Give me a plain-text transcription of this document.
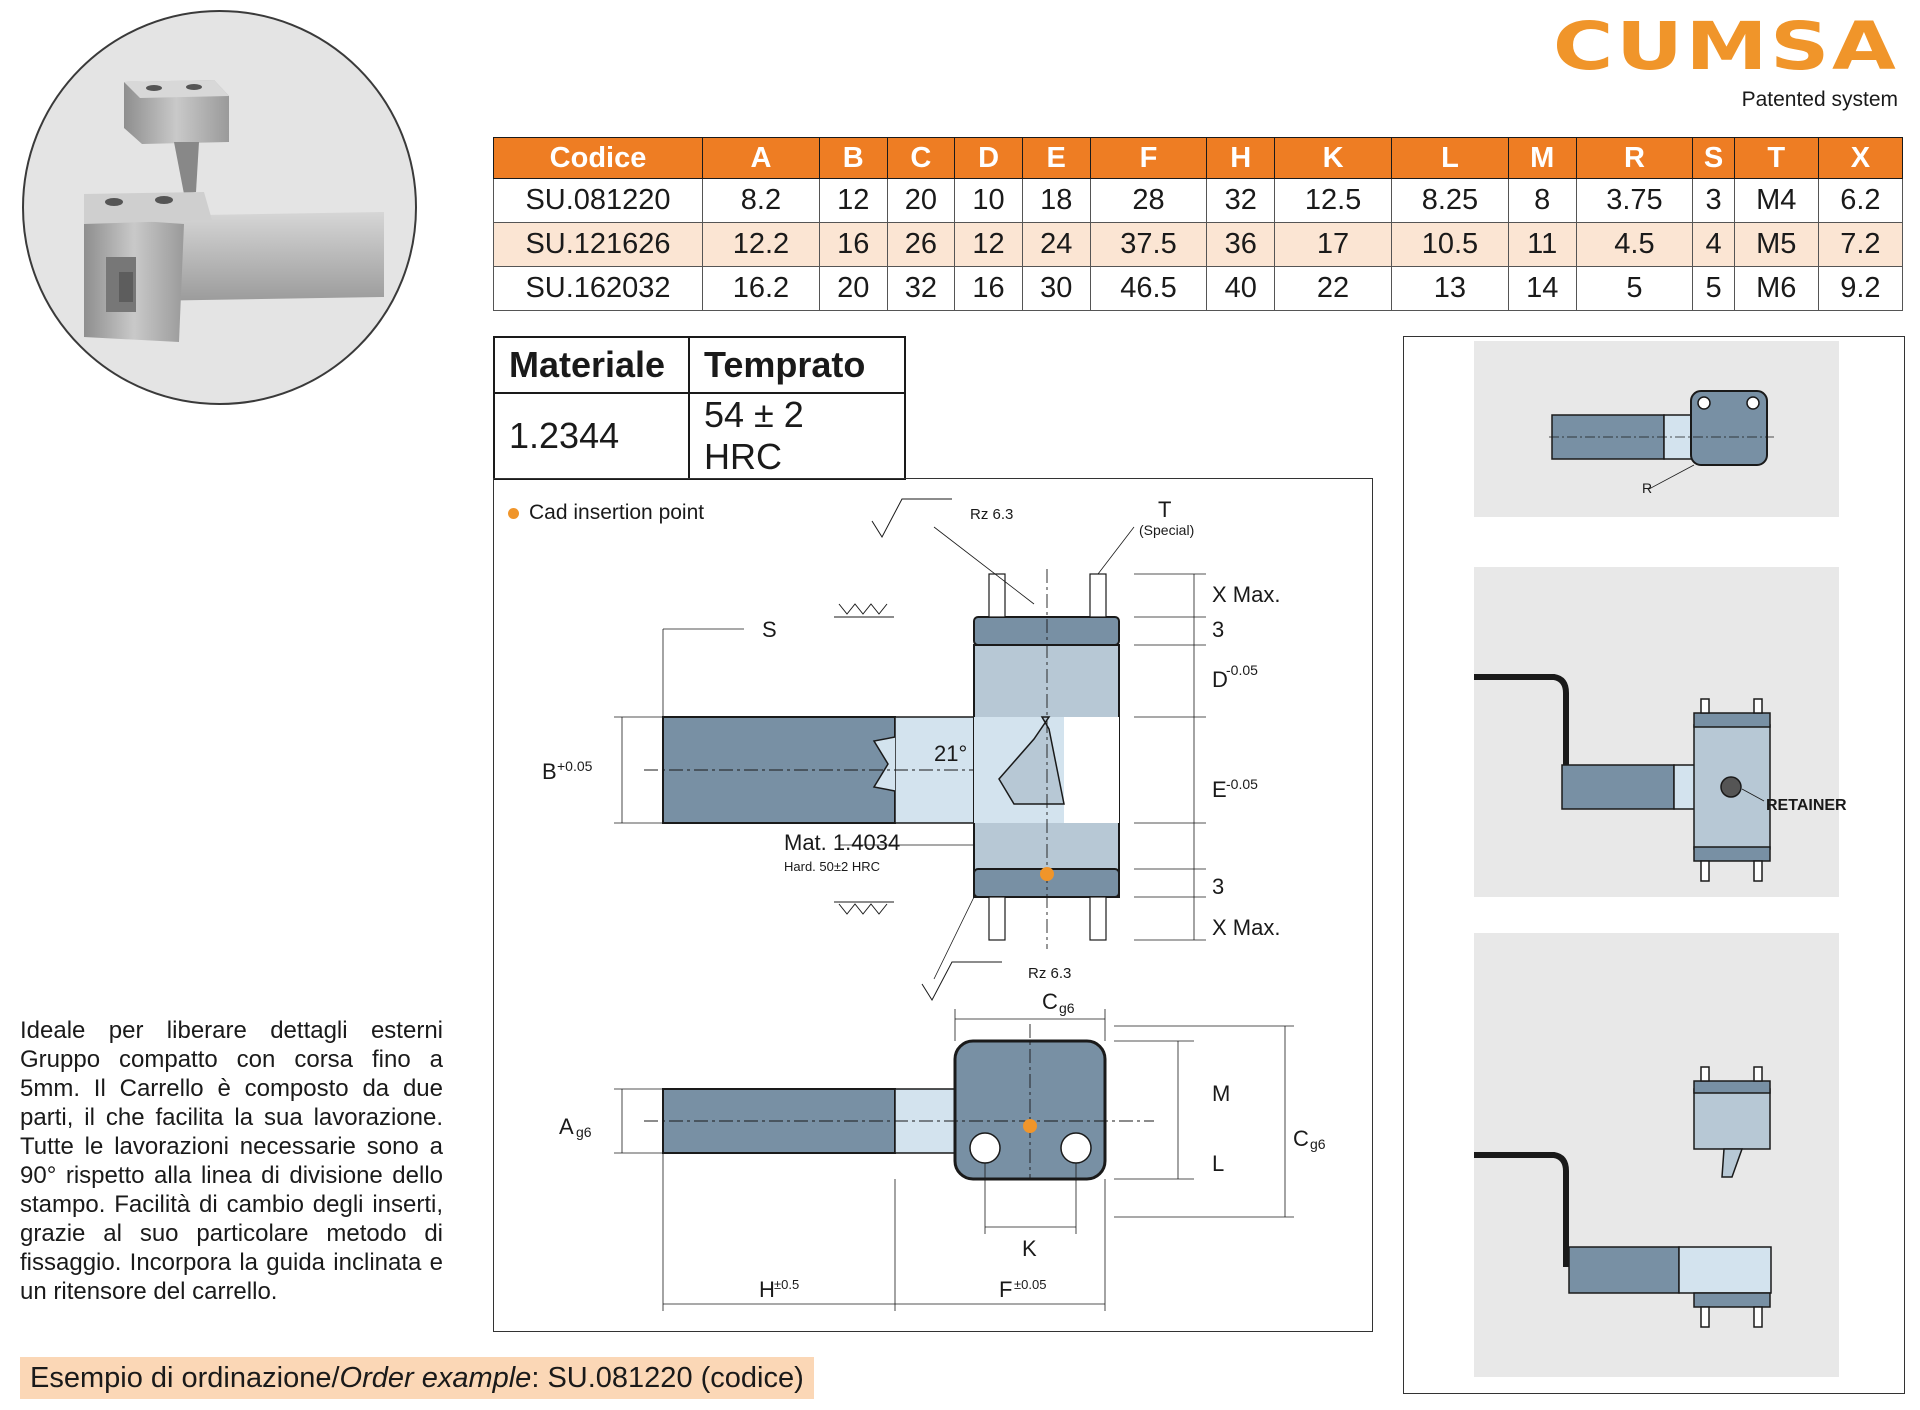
CUMSA
Patented system
Codice	A	B	C	D	E	F	H	K	L	M	R	S	T	X
SU.081220	8.2	12	20	10	18	28	32	12.5	8.25	8	3.75	3	M4	6.2
SU.121626	12.2	16	26	12	24	37.5	36	17	10.5	11	4.5	4	M5	7.2
SU.162032	16.2	20	32	16	30	46.5	40	22	13	14	5	5	M6	9.2
Materiale	Temprato
1.2344	54 ± 2 HRC
Cad insertion point	Rz 6.3	T
(Special)
S
X Max.
3
D
-0.05
E -0.05
B +0.05	21°
Mat. 1.4034
Hard. 50±2 HRC
3
X Max.
Rz 6.3
C g6
M
L
C g6
A g6
K
H ±0.5	F ±0.05
R
RETAINER
Ideale per liberare dettagli esterni Gruppo compatto con corsa fino a 5mm. Il Carrello è composto da due parti, il che facilita la sua lavorazione. Tutte le lavorazioni necessarie sono a 90° rispetto alla linea di divisione dello stampo. Facilità di cambio degli inserti, grazie al suo particolare metodo di fissaggio. Incorpora la guida inclinata e un ritensore del carrello.
Esempio di ordinazione/Order example: SU.081220 (codice)
